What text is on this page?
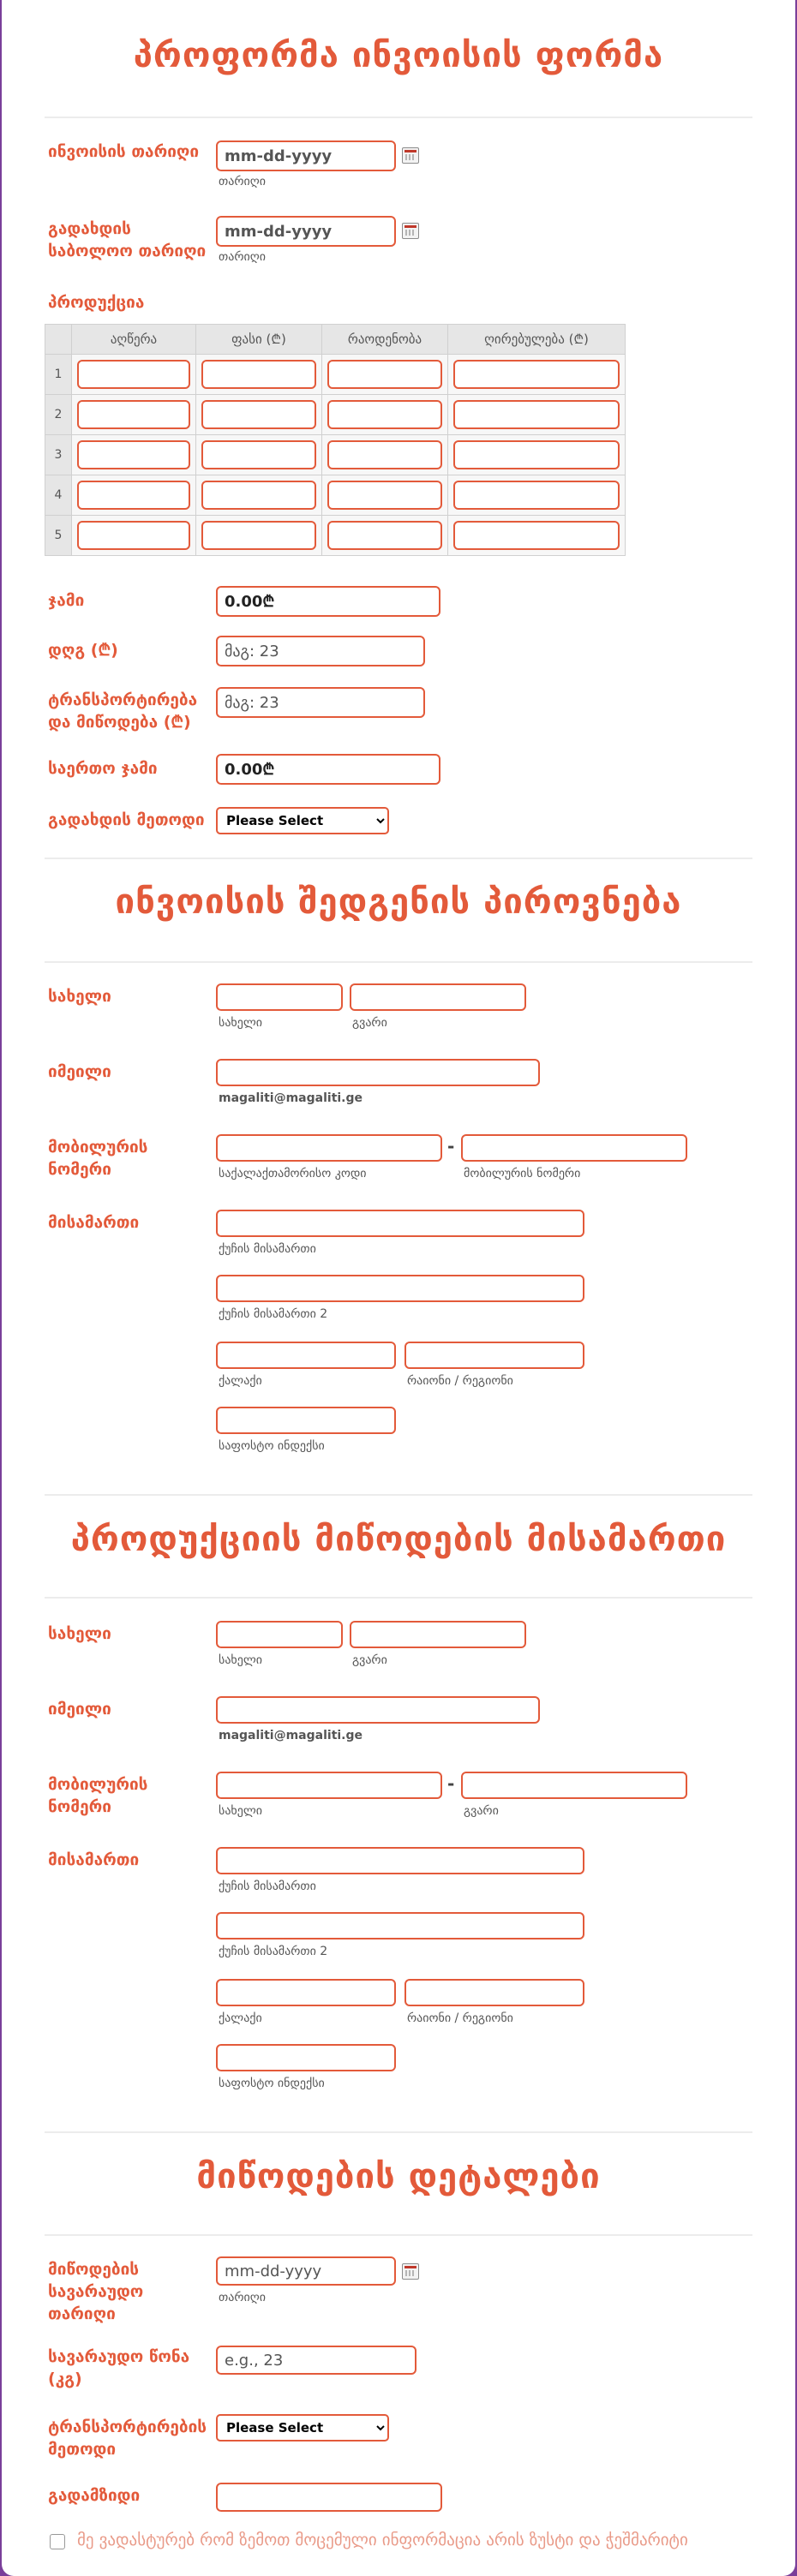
პროფორმა ინვოისის ფორმა
ინვოისის თარიღი
mm-dd-yyyy
თარიღი
გადახდის
საბოლოო თარიღი
mm-dd-yyyy	თარიღი
პროდუქცია
	აღწერა	ფასი (₾)	რაოდენობა	ღირებულება (₾)
1	

2	

3	

4	

5	

ჯამი
0.00₾
დღგ (₾)
მაგ: 23
ტრანსპორტირება
და მიწოდება (₾)
მაგ: 23
საერთო ჯამი
0.00₾
გადახდის მეთოდი
Please Select
ინვოისის შედგენის პიროვნება
სახელი
სახელი	გვარი
იმეილი
magaliti@magaliti.ge
მობილურის
ნომერი
-
საქალაქთამორისო კოდი	მობილურის ნომერი
მისამართი
ქუჩის მისამართი
ქუჩის მისამართი 2
ქალაქი	რაიონი / რეგიონი
საფოსტო ინდექსი
პროდუქციის მიწოდების მისამართი
სახელი
სახელი	გვარი
იმეილი
magaliti@magaliti.ge
მობილურის
ნომერი
-
სახელი	გვარი
მისამართი
ქუჩის მისამართი
ქუჩის მისამართი 2
ქალაქი	რაიონი / რეგიონი
საფოსტო ინდექსი
მიწოდების დეტალები
მიწოდების
სავარაუდო
თარიღი
mm-dd-yyyy
თარიღი
სავარაუდო წონა
(კგ)
e.g., 23
ტრანსპორტირების
მეთოდი
Please Select
გადამზიდი
მე ვადასტურებ რომ ზემოთ მოცემული ინფორმაცია არის ზუსტი და ჭეშმარიტი
